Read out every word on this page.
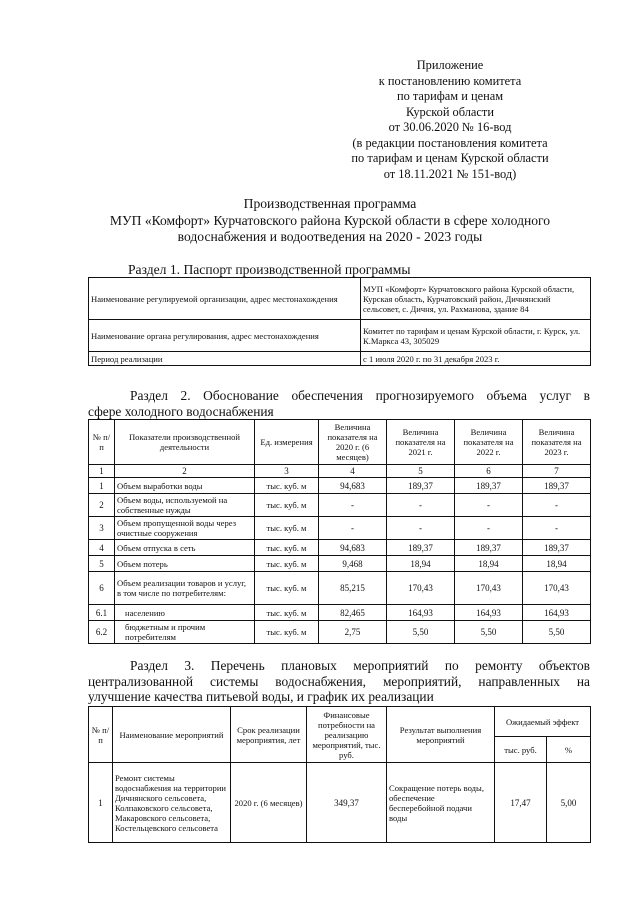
Приложение
к постановлению комитета
по тарифам и ценам
Курской области
от 30.06.2020 № 16-вод
(в редакции постановления комитета
по тарифам и ценам Курской области
от 18.11.2021 № 151-вод)
Производственная программа
МУП «Комфорт» Курчатовского района Курской области в сфере холодного
водоснабжения и водоотведения на 2020 - 2023 годы
Раздел 1. Паспорт производственной программы
Наименование регулируемой организации, адрес местонахождения	МУП «Комфорт» Курчатовского района Курской области, Курская область, Курчатовский район, Дичнянский сельсовет, с. Дичня, ул. Рахманова, здание 84
Наименование органа регулирования, адрес местонахождения	Комитет по тарифам и ценам Курской области, г. Курск, ул. К.Маркса 43, 305029
Период реализации	с 1 июля 2020 г. по 31 декабря 2023 г.
Раздел 2. Обоснование обеспечения прогнозируемого объема услуг в
сфере холодного водоснабжения
№ п/п	Показатели производственной деятельности	Ед. измерения	Величина показателя на 2020 г. (6 месяцев)	Величина показателя на 2021 г.	Величина показателя на 2022 г.	Величина показателя на 2023 г.
1	2	3	4	5	6	7
1	Объем выработки воды	тыс. куб. м	94,683	189,37	189,37	189,37
2	Объем воды, используемой на собственные нужды	тыс. куб. м	-	-	-	-
3	Объем пропущенной воды через очистные сооружения	тыс. куб. м	-	-	-	-
4	Объем отпуска в сеть	тыс. куб. м	94,683	189,37	189,37	189,37
5	Объем потерь	тыс. куб. м	9,468	18,94	18,94	18,94
6	Объем реализации товаров и услуг, в том числе по потребителям:	тыс. куб. м	85,215	170,43	170,43	170,43
6.1	населению	тыс. куб. м	82,465	164,93	164,93	164,93
6.2	бюджетным и прочим потребителям	тыс. куб. м	2,75	5,50	5,50	5,50
Раздел 3. Перечень плановых мероприятий по ремонту объектов
централизованной системы водоснабжения, мероприятий, направленных на
улучшение качества питьевой воды, и график их реализации
№ п/п	Наименование мероприятий	Срок реализации мероприятия, лет	Финансовые потребности на реализацию мероприятий, тыс. руб.	Результат выполнения мероприятий	Ожидаемый эффект	
					тыс. руб.	%
1	Ремонт системы водоснабжения на территории Дичнянского сельсовета, Колпаковского сельсовета, Макаровского сельсовета, Костельцевского сельсовета	2020 г. (6 месяцев)	349,37	Сокращение потерь воды, обеспечение бесперебойной подачи воды	17,47	5,00
